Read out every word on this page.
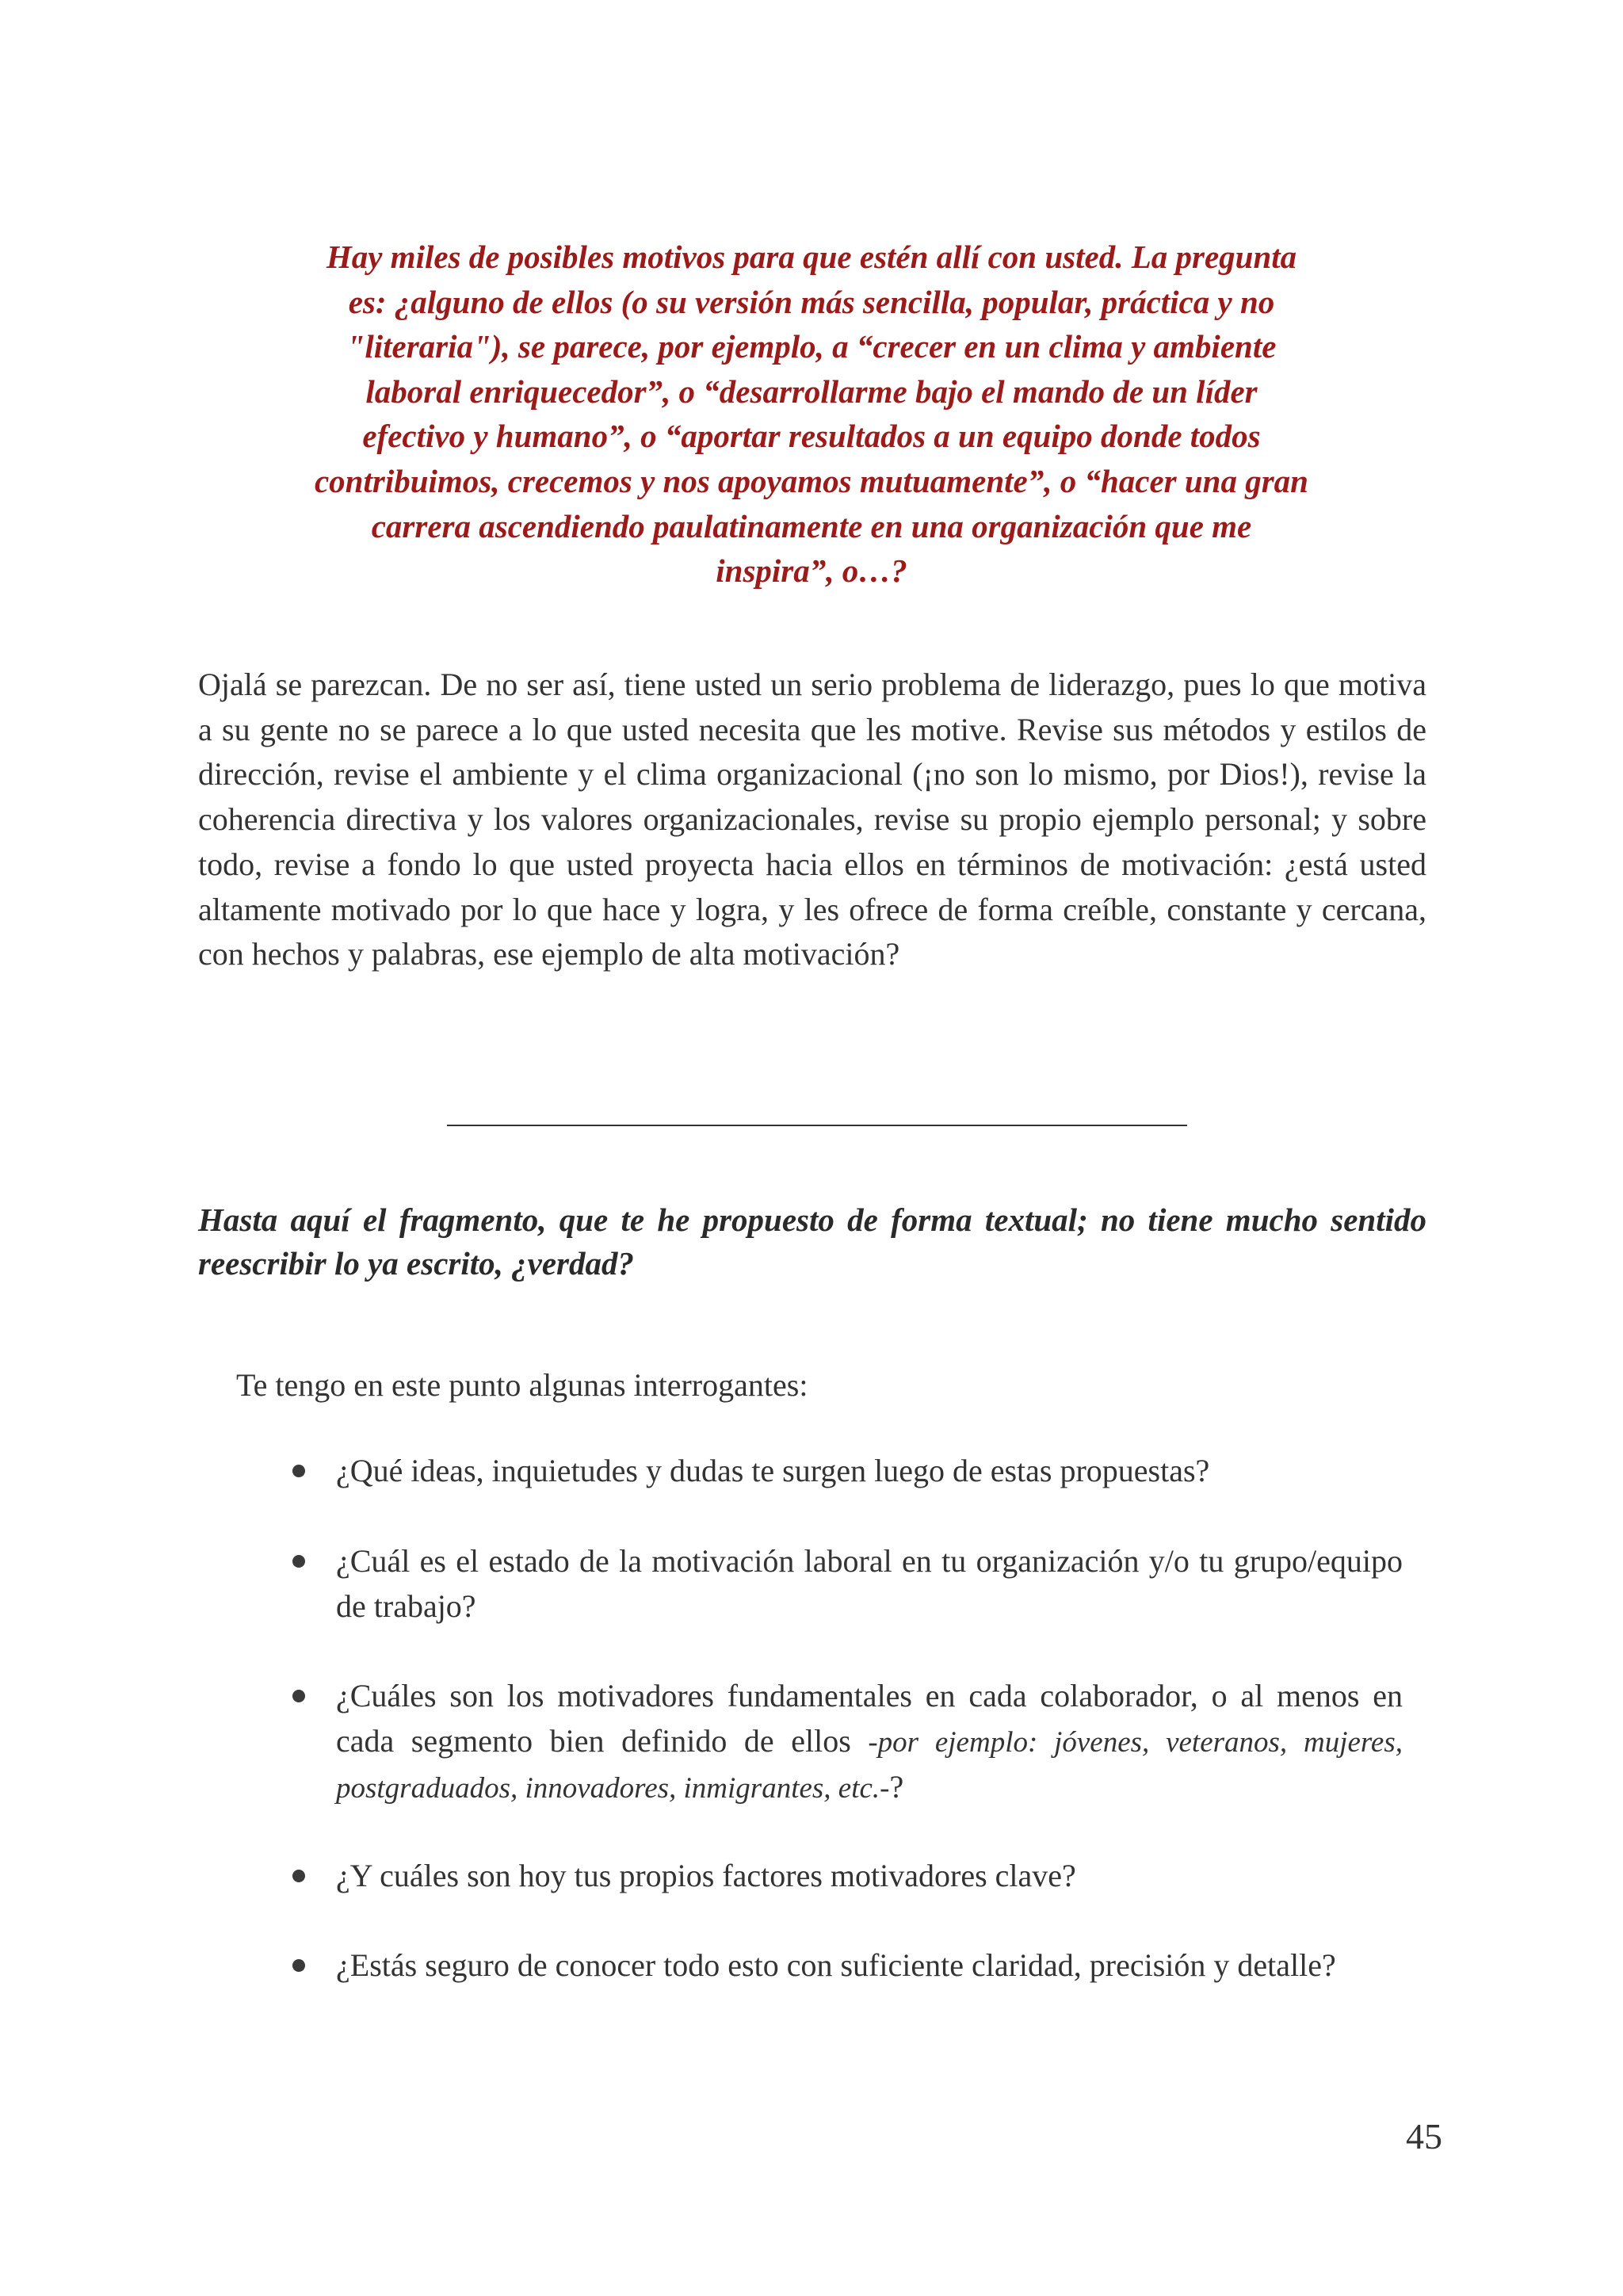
Hay miles de posibles motivos para que estén allí con usted. La pregunta
es: ¿alguno de ellos (o su versión más sencilla, popular, práctica y no
"literaria"), se parece, por ejemplo, a “crecer en un clima y ambiente
laboral enriquecedor”, o “desarrollarme bajo el mando de un líder
efectivo y humano”, o “aportar resultados a un equipo donde todos
contribuimos, crecemos y nos apoyamos mutuamente”, o “hacer una gran
carrera ascendiendo paulatinamente en una organización que me
inspira”, o…?

Ojalá se parezcan. De no ser así, tiene usted un serio problema de liderazgo, pues lo que motiva a su gente no se parece a lo que usted necesita que les motive. Revise sus métodos y estilos de dirección, revise el ambiente y el clima organizacional (¡no son lo mismo, por Dios!), revise la coherencia directiva y los valores organizacionales, revise su propio ejemplo personal; y sobre todo, revise a fondo lo que usted proyecta hacia ellos en términos de motivación: ¿está usted altamente motivado por lo que hace y logra, y les ofrece de forma creíble, constante y cercana, con hechos y palabras, ese ejemplo de alta motivación?

Hasta aquí el fragmento, que te he propuesto de forma textual; no tiene mucho sentido reescribir lo ya escrito, ¿verdad?

Te tengo en este punto algunas interrogantes:

¿Qué ideas, inquietudes y dudas te surgen luego de estas propuestas?
¿Cuál es el estado de la motivación laboral en tu organización y/o tu grupo/equipo de trabajo?
¿Cuáles son los motivadores fundamentales en cada colaborador, o al menos en cada segmento bien definido de ellos -por ejemplo: jóvenes, veteranos, mujeres, postgraduados, innovadores, inmigrantes, etc.-?
¿Y cuáles son hoy tus propios factores motivadores clave?
¿Estás seguro de conocer todo esto con suficiente claridad, precisión y detalle?
45
